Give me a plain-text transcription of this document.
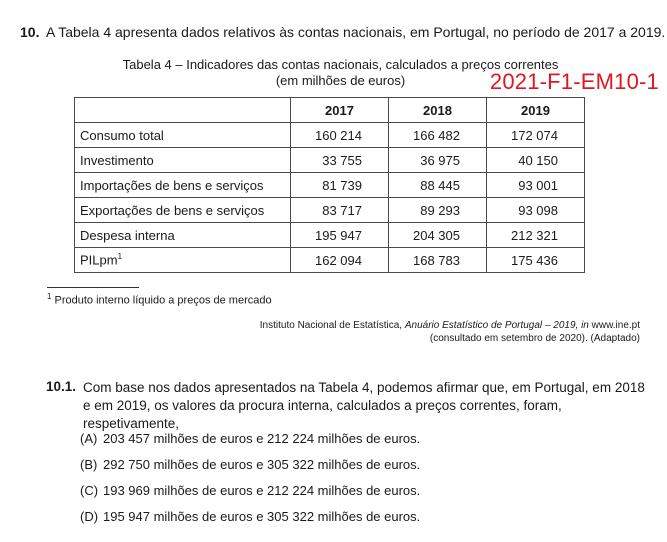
10. A Tabela 4 apresenta dados relativos às contas nacionais, em Portugal, no período de 2017 a 2019.
Tabela 4 – Indicadores das contas nacionais, calculados a preços correntes
(em milhões de euros)	2021-F1-EM10-1
	2017	2018	2019
Consumo total	160 214	166 482	172 074
Investimento	33 755	36 975	40 150
Importações de bens e serviços	81 739	88 445	93 001
Exportações de bens e serviços	83 717	89 293	93 098
Despesa interna	195 947	204 305	212 321
PILpm$^1$	162 094	168 783	175 436
$^1$ Produto interno líquido a preços de mercado
Instituto Nacional de Estatística, Anuário Estatístico de Portugal – 2019, in www.ine.pt
(consultado em setembro de 2020). (Adaptado)
10.1. Com base nos dados apresentados na Tabela 4, podemos afirmar que, em Portugal, em 2018 e em 2019, os valores da procura interna, calculados a preços correntes, foram, respetivamente,
(A) 203 457 milhões de euros e 212 224 milhões de euros.
(B) 292 750 milhões de euros e 305 322 milhões de euros.
(C) 193 969 milhões de euros e 212 224 milhões de euros.
(D) 195 947 milhões de euros e 305 322 milhões de euros.
